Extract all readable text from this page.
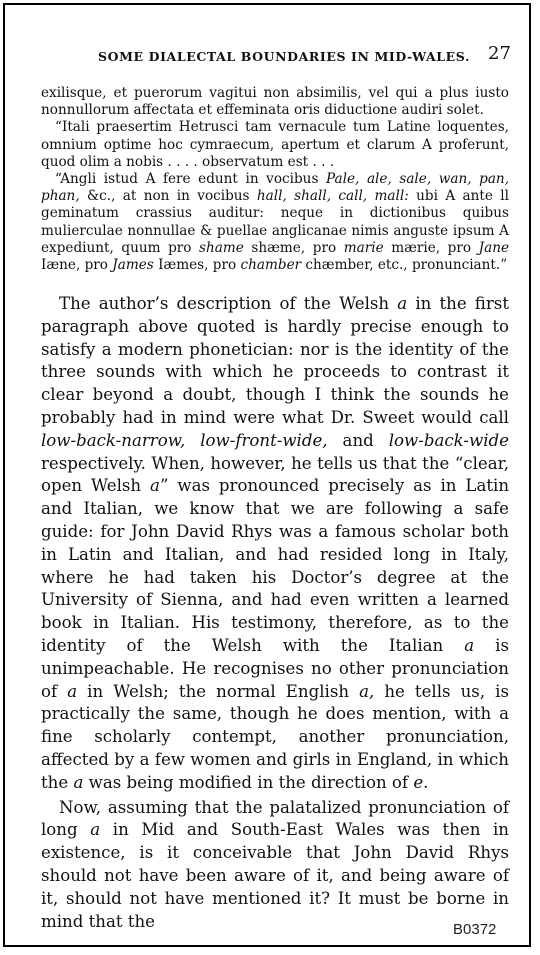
SOME DIALECTAL BOUNDARIES IN MID-WALES. 27

exilisque, et puerorum vagitui non absimilis, vel qui a plus iusto nonnullorum affectata et effeminata oris diductione audiri solet.

“Itali praesertim Hetrusci tam vernacule tum Latine loquentes, omnium optime hoc cymraecum, apertum et clarum A proferunt, quod olim a nobis . . . . observatum est . . .

“Angli istud A fere edunt in vocibus Pale, ale, sale, wan, pan, phan, &c., at non in vocibus hall, shall, call, mall: ubi A ante ll geminatum crassius auditur: neque in dictionibus quibus mulierculae nonnullae & puellae anglicanae nimis anguste ipsum A expediunt, quum pro shame shæme, pro marie mærie, pro Jane Iæne, pro James Iæmes, pro chamber chæmber, etc., pronunciant.”

The author’s description of the Welsh a in the first paragraph above quoted is hardly precise enough to satisfy a modern phonetician: nor is the identity of the three sounds with which he proceeds to contrast it clear beyond a doubt, though I think the sounds he probably had in mind were what Dr. Sweet would call low-back-narrow, low-front-wide, and low-back-wide respectively. When, however, he tells us that the “clear, open Welsh a” was pronounced precisely as in Latin and Italian, we know that we are following a safe guide: for John David Rhys was a famous scholar both in Latin and Italian, and had resided long in Italy, where he had taken his Doctor’s degree at the University of Sienna, and had even written a learned book in Italian. His testimony, therefore, as to the identity of the Welsh with the Italian a is unimpeachable. He recognises no other pronunciation of a in Welsh; the normal English a, he tells us, is practically the same, though he does mention, with a fine scholarly contempt, another pronunciation, affected by a few women and girls in England, in which the a was being modified in the direction of e.

Now, assuming that the palatalized pronunciation of long a in Mid and South-East Wales was then in existence, is it conceivable that John David Rhys should not have been aware of it, and being aware of it, should not have mentioned it? It must be borne in mind that the	B0372
